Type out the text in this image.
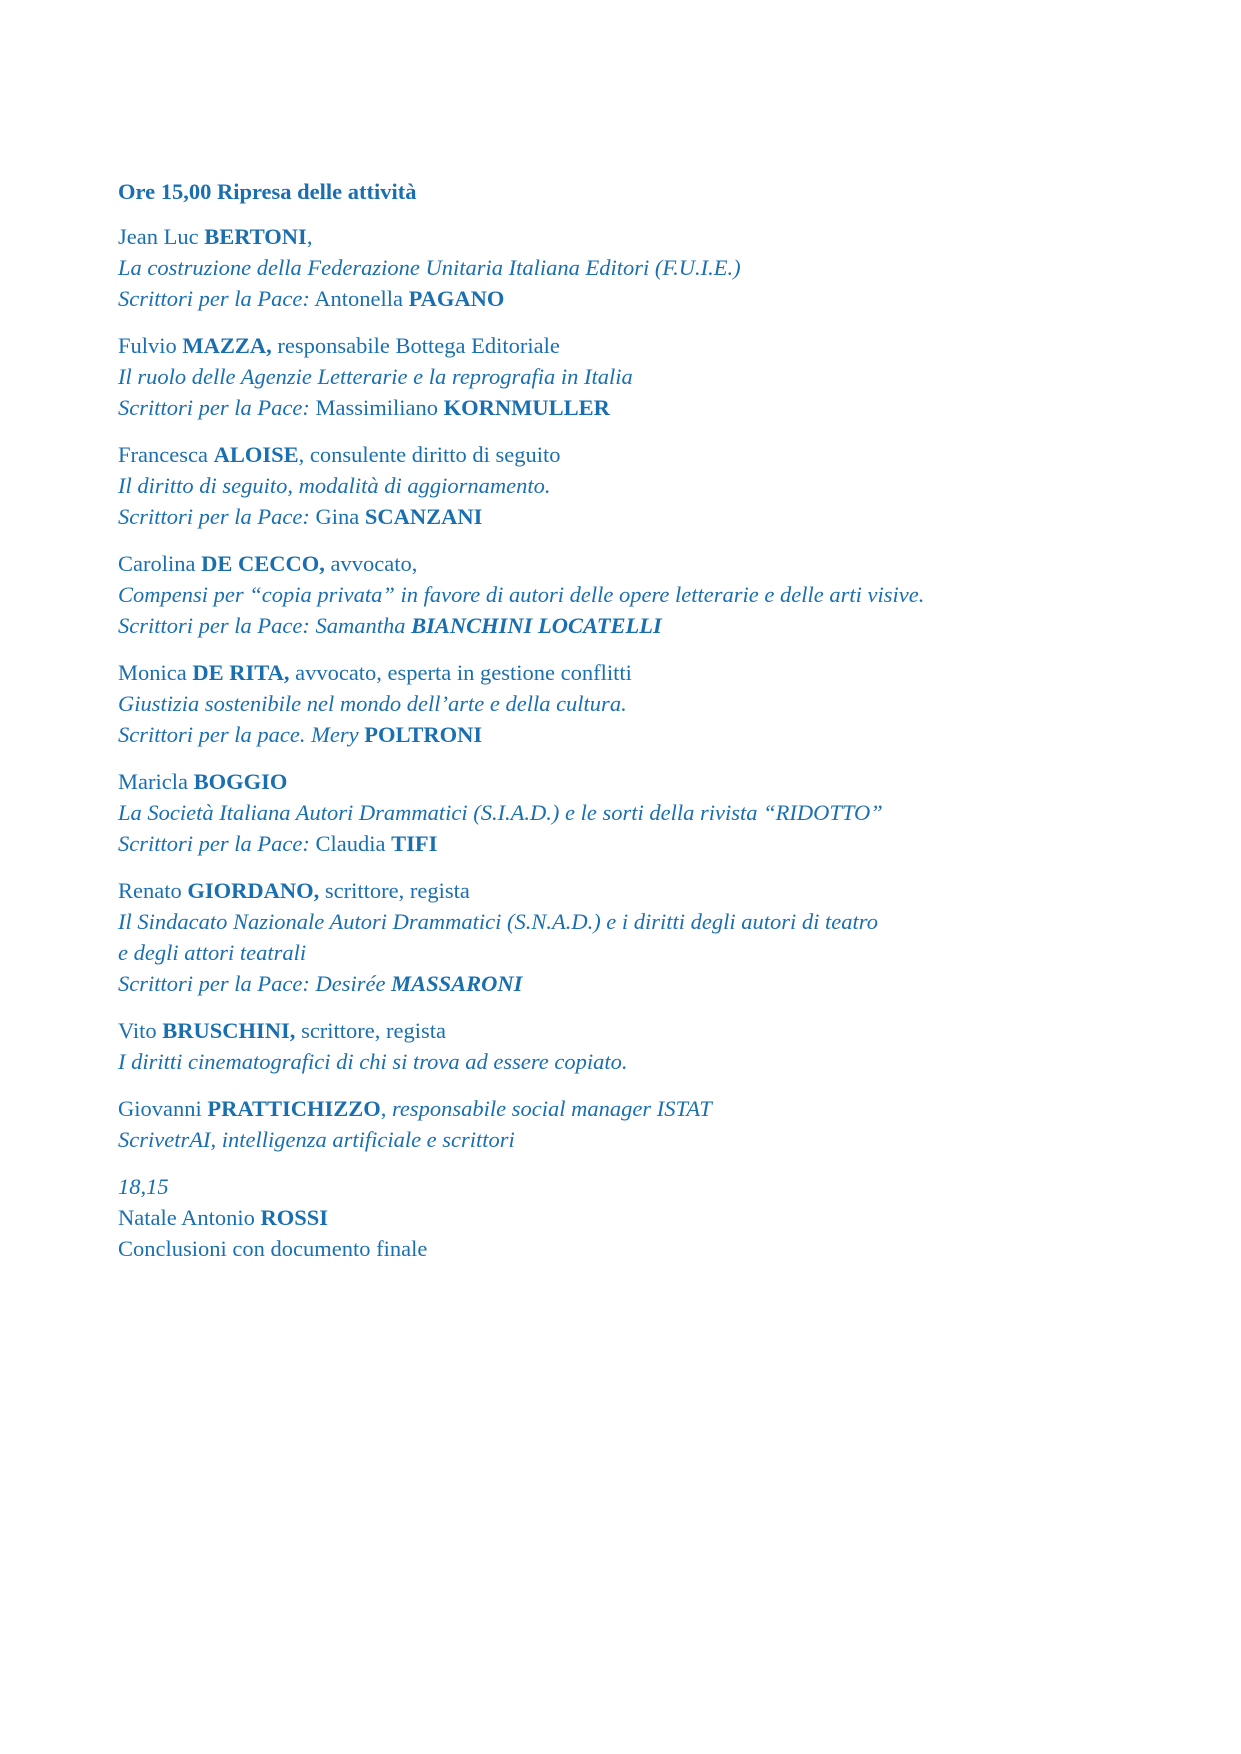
Ore 15,00 Ripresa delle attività
Jean Luc BERTONI,
La costruzione della Federazione Unitaria Italiana Editori (F.U.I.E.)
Scrittori per la Pace: Antonella PAGANO
Fulvio MAZZA, responsabile Bottega Editoriale
Il ruolo delle Agenzie Letterarie e la reprografia in Italia
Scrittori per la Pace: Massimiliano KORNMULLER
Francesca ALOISE, consulente diritto di seguito
Il diritto di seguito, modalità di aggiornamento.
Scrittori per la Pace: Gina SCANZANI
Carolina DE CECCO, avvocato,
Compensi per “copia privata” in favore di autori delle opere letterarie e delle arti visive.
Scrittori per la Pace: Samantha BIANCHINI LOCATELLI
Monica DE RITA, avvocato, esperta in gestione conflitti
Giustizia sostenibile nel mondo dell’arte e della cultura.
Scrittori per la pace. Mery POLTRONI
Maricla BOGGIO
La Società Italiana Autori Drammatici (S.I.A.D.) e le sorti della rivista “RIDOTTO”
Scrittori per la Pace: Claudia TIFI
Renato GIORDANO, scrittore, regista
Il Sindacato Nazionale Autori Drammatici (S.N.A.D.) e i diritti degli autori di teatro
e degli attori teatrali
Scrittori per la Pace: Desirée MASSARONI
Vito BRUSCHINI, scrittore, regista
I diritti cinematografici di chi si trova ad essere copiato.
Giovanni PRATTICHIZZO, responsabile social manager ISTAT
ScrivetrAI, intelligenza artificiale e scrittori
18,15
Natale Antonio ROSSI
Conclusioni con documento finale
